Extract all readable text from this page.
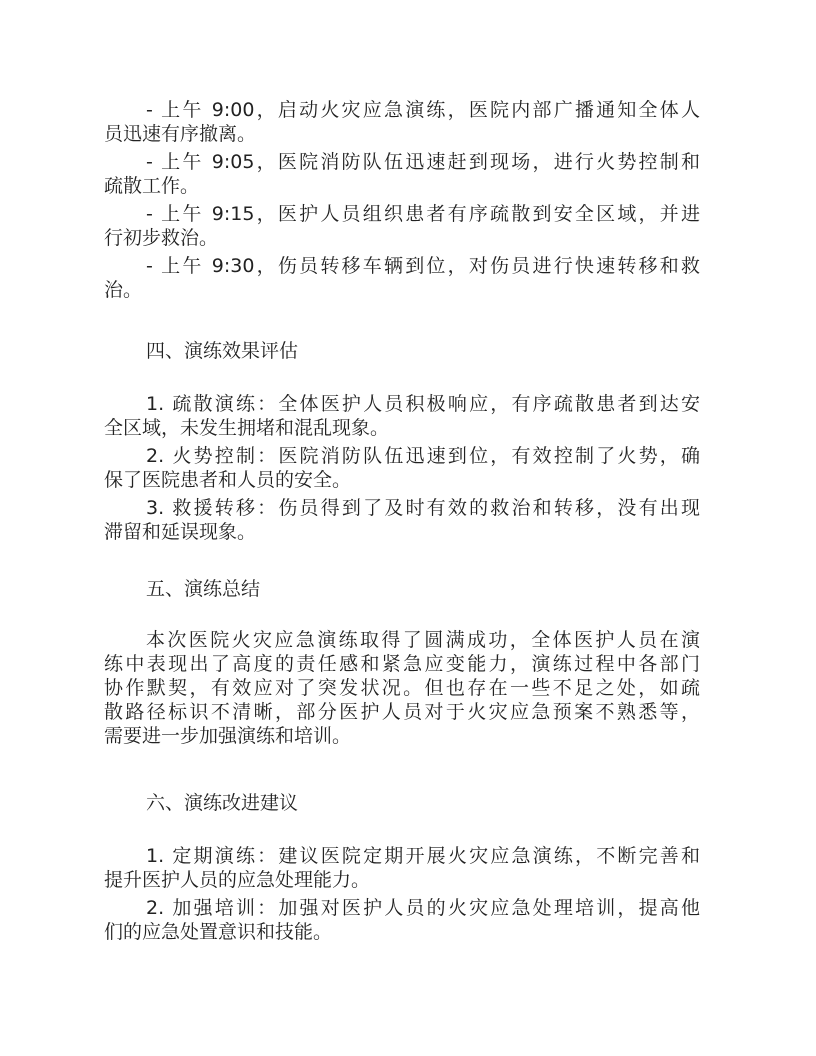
- 上午 9:00，启动火灾应急演练，医院内部广播通知全体人
员迅速有序撤离。
- 上午 9:05，医院消防队伍迅速赶到现场，进行火势控制和
疏散工作。
- 上午 9:15，医护人员组织患者有序疏散到安全区域，并进
行初步救治。
- 上午 9:30，伤员转移车辆到位，对伤员进行快速转移和救
治。
四、演练效果评估
1. 疏散演练：全体医护人员积极响应，有序疏散患者到达安
全区域，未发生拥堵和混乱现象。
2. 火势控制：医院消防队伍迅速到位，有效控制了火势，确
保了医院患者和人员的安全。
3. 救援转移：伤员得到了及时有效的救治和转移，没有出现
滞留和延误现象。
五、演练总结
本次医院火灾应急演练取得了圆满成功，全体医护人员在演
练中表现出了高度的责任感和紧急应变能力，演练过程中各部门
协作默契，有效应对了突发状况。但也存在一些不足之处，如疏
散路径标识不清晰，部分医护人员对于火灾应急预案不熟悉等，
需要进一步加强演练和培训。
六、演练改进建议
1. 定期演练：建议医院定期开展火灾应急演练，不断完善和
提升医护人员的应急处理能力。
2. 加强培训：加强对医护人员的火灾应急处理培训，提高他
们的应急处置意识和技能。
